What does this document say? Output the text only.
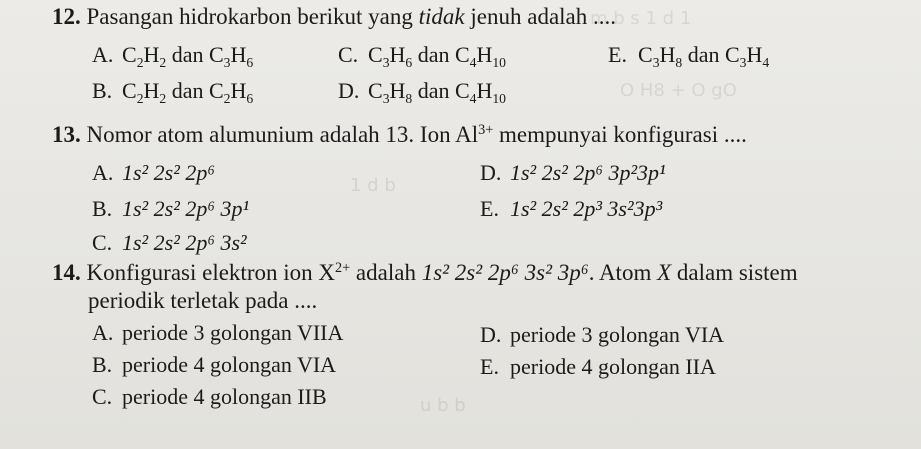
m b s 1 d 1
O H8 + O gO
1 d b
u b b
12. Pasangan hidrokarbon berikut yang tidak jenuh adalah ....
A. $C_2H_2$ dan $C_3H_6$	C. $C_3H_6$ dan $C_4H_{10}$	E. $C_3H_8$ dan $C_3H_4$
B. $C_2H_2$ dan $C_2H_6$	D. $C_3H_8$ dan $C_4H_{10}$
13. Nomor atom alumunium adalah 13. Ion $Al^{3+}$ mempunyai konfigurasi ....
A. 1s² 2s² 2p⁶	D. 1s² 2s² 2p⁶ 3p²3p¹
B. 1s² 2s² 2p⁶ 3p¹	E. 1s² 2s² 2p³ 3s²3p³
C. 1s² 2s² 2p⁶ 3s²
14. Konfigurasi elektron ion $X^{2+}$ adalah 1s² 2s² 2p⁶ 3s² 3p⁶. Atom X dalam sistem
periodik terletak pada ....
A. periode 3 golongan VIIA	D. periode 3 golongan VIA
B. periode 4 golongan VIA	E. periode 4 golongan IIA
C. periode 4 golongan IIB
